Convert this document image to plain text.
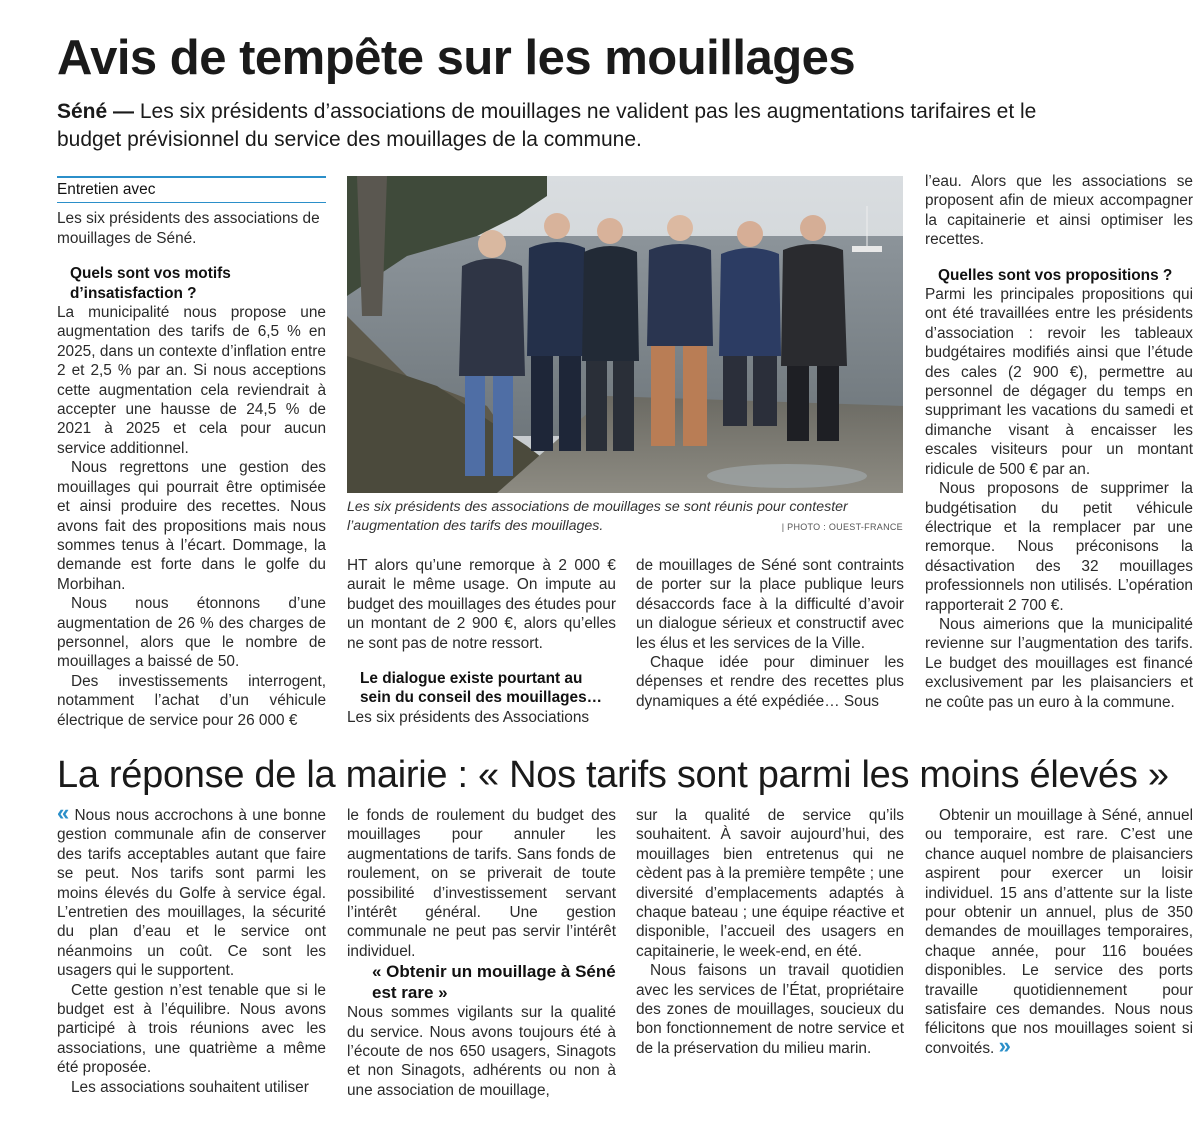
Avis de tempête sur les mouillages

Séné — Les six présidents d’associations de mouillages ne valident pas les augmentations tarifaires et le budget prévisionnel du service des mouillages de la commune.

Entretien avec

Les six présidents des associations de mouillages de Séné.

Quels sont vos motifs d’insatisfaction ?

La municipalité nous propose une augmentation des tarifs de 6,5 % en 2025, dans un contexte d’inflation entre 2 et 2,5 % par an. Si nous acceptions cette augmentation cela reviendrait à accepter une hausse de 24,5 % de 2021 à 2025 et cela pour aucun service additionnel.

Nous regrettons une gestion des mouillages qui pourrait être optimisée et ainsi produire des recettes. Nous avons fait des propositions mais nous sommes tenus à l’écart. Dommage, la demande est forte dans le golfe du Morbihan.

Nous nous étonnons d’une augmentation de 26 % des charges de personnel, alors que le nombre de mouillages a baissé de 50.

Des investissements interrogent, notamment l’achat d’un véhicule électrique de service pour 26 000 €

Les six présidents des associations de mouillages se sont réunis pour contester l’augmentation des tarifs des mouillages.	| PHOTO : OUEST-FRANCE

HT alors qu’une remorque à 2 000 € aurait le même usage. On impute au budget des mouillages des études pour un montant de 2 900 €, alors qu’elles ne sont pas de notre ressort.

Le dialogue existe pourtant au sein du conseil des mouillages…

Les six présidents des Associations

de mouillages de Séné sont contraints de porter sur la place publique leurs désaccords face à la difficulté d’avoir un dialogue sérieux et constructif avec les élus et les services de la Ville.

Chaque idée pour diminuer les dépenses et rendre des recettes plus dynamiques a été expédiée… Sous

l’eau. Alors que les associations se proposent afin de mieux accompagner la capitainerie et ainsi optimiser les recettes.

Quelles sont vos propositions ?

Parmi les principales propositions qui ont été travaillées entre les présidents d’association : revoir les tableaux budgétaires modifiés ainsi que l’étude des cales (2 900 €), permettre au personnel de dégager du temps en supprimant les vacations du samedi et dimanche visant à encaisser les escales visiteurs pour un montant ridicule de 500 € par an.

Nous proposons de supprimer la budgétisation du petit véhicule électrique et la remplacer par une remorque. Nous préconisons la désactivation des 32 mouillages professionnels non utilisés. L’opération rapporterait 2 700 €.

Nous aimerions que la municipalité revienne sur l’augmentation des tarifs. Le budget des mouillages est financé exclusivement par les plaisanciers et ne coûte pas un euro à la commune.

La réponse de la mairie : « Nos tarifs sont parmi les moins élevés »

« Nous nous accrochons à une bonne gestion communale afin de conserver des tarifs acceptables autant que faire se peut. Nos tarifs sont parmi les moins élevés du Golfe à service égal. L’entretien des mouillages, la sécurité du plan d’eau et le service ont néanmoins un coût. Ce sont les usagers qui le supportent.

Cette gestion n’est tenable que si le budget est à l’équilibre. Nous avons participé à trois réunions avec les associations, une quatrième a même été proposée.

Les associations souhaitent utiliser

le fonds de roulement du budget des mouillages pour annuler les augmentations de tarifs. Sans fonds de roulement, on se priverait de toute possibilité d’investissement servant l’intérêt général. Une gestion communale ne peut pas servir l’intérêt individuel.

« Obtenir un mouillage à Séné est rare »

Nous sommes vigilants sur la qualité du service. Nous avons toujours été à l’écoute de nos 650 usagers, Sinagots et non Sinagots, adhérents ou non à une association de mouillage,

sur la qualité de service qu’ils souhaitent. À savoir aujourd’hui, des mouillages bien entretenus qui ne cèdent pas à la première tempête ; une diversité d’emplacements adaptés à chaque bateau ; une équipe réactive et disponible, l’accueil des usagers en capitainerie, le week-end, en été.

Nous faisons un travail quotidien avec les services de l’État, propriétaire des zones de mouillages, soucieux du bon fonctionnement de notre service et de la préservation du milieu marin.

Obtenir un mouillage à Séné, annuel ou temporaire, est rare. C’est une chance auquel nombre de plaisanciers aspirent pour exercer un loisir individuel. 15 ans d’attente sur la liste pour obtenir un annuel, plus de 350 demandes de mouillages temporaires, chaque année, pour 116 bouées disponibles. Le service des ports travaille quotidiennement pour satisfaire ces demandes. Nous nous félicitons que nos mouillages soient si convoités. »
